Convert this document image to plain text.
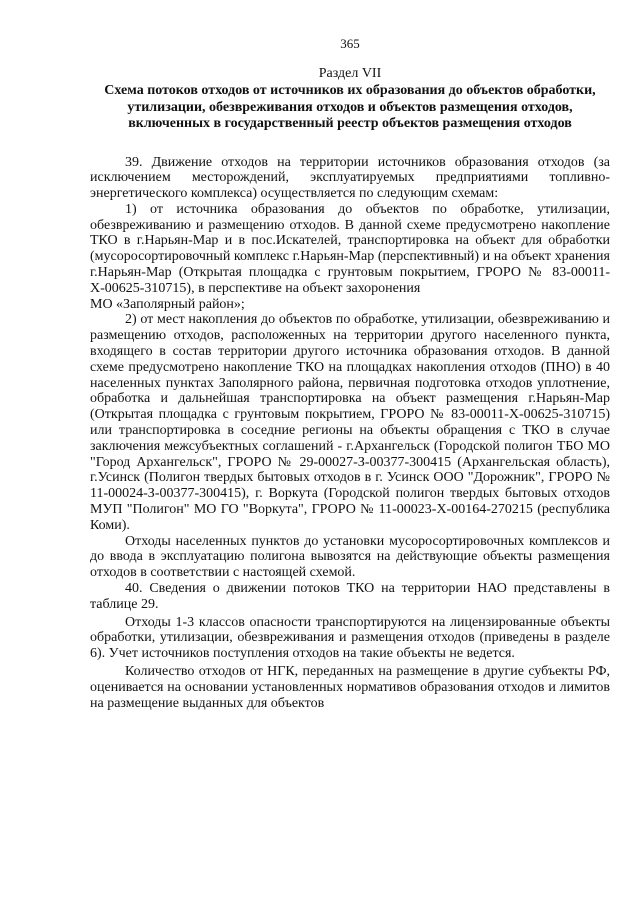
365
Раздел VII
Схема потоков отходов от источников их образования до объектов обработки, утилизации, обезвреживания отходов и объектов размещения отходов, включенных в государственный реестр объектов размещения отходов

39. Движение отходов на территории источников образования отходов (за исключением месторождений, эксплуатируемых предприятиями топливно-энергетического комплекса) осуществляется по следующим схемам:

1) от источника образования до объектов по обработке, утилизации, обезвреживанию и размещению отходов. В данной схеме предусмотрено накопление ТКО в г.Нарьян-Мар и в пос.Искателей, транспортировка на объект для обработки (мусоросортировочный комплекс г.Нарьян-Мар (перспективный) и на объект хранения г.Нарьян-Мар (Открытая площадка с грунтовым покрытием, ГРОРО № 83-00011-Х-00625-310715), в перспективе на объект захоронения

МО «Заполярный район»;

2) от мест накопления до объектов по обработке, утилизации, обезвреживанию и размещению отходов, расположенных на территории другого населенного пункта, входящего в состав территории другого источника образования отходов. В данной схеме предусмотрено накопление ТКО на площадках накопления отходов (ПНО) в 40 населенных пунктах Заполярного района, первичная подготовка отходов уплотнение, обработка и дальнейшая транспортировка на объект размещения г.Нарьян-Мар (Открытая площадка с грунтовым покрытием, ГРОРО № 83-00011-Х-00625-310715) или транспортировка в соседние регионы на объекты обращения с ТКО в случае заключения межсубъектных соглашений - г.Архангельск (Городской полигон ТБО МО "Город Архангельск", ГРОРО № 29-00027-З-00377-300415 (Архангельская область), г.Усинск (Полигон твердых бытовых отходов в г. Усинск ООО "Дорожник", ГРОРО № 11-00024-З-00377-300415), г. Воркута (Городской полигон твердых бытовых отходов МУП "Полигон" МО ГО "Воркута", ГРОРО № 11-00023-Х-00164-270215 (республика Коми).

Отходы населенных пунктов до установки мусоросортировочных комплексов и до ввода в эксплуатацию полигона вывозятся на действующие объекты размещения отходов в соответствии с настоящей схемой.

40. Сведения о движении потоков ТКО на территории НАО представлены в таблице 29.

Отходы 1-3 классов опасности транспортируются на лицензированные объекты обработки, утилизации, обезвреживания и размещения отходов (приведены в разделе 6). Учет источников поступления отходов на такие объекты не ведется.

Количество отходов от НГК, переданных на размещение в другие субъекты РФ, оценивается на основании установленных нормативов образования отходов и лимитов на размещение выданных для объектов
